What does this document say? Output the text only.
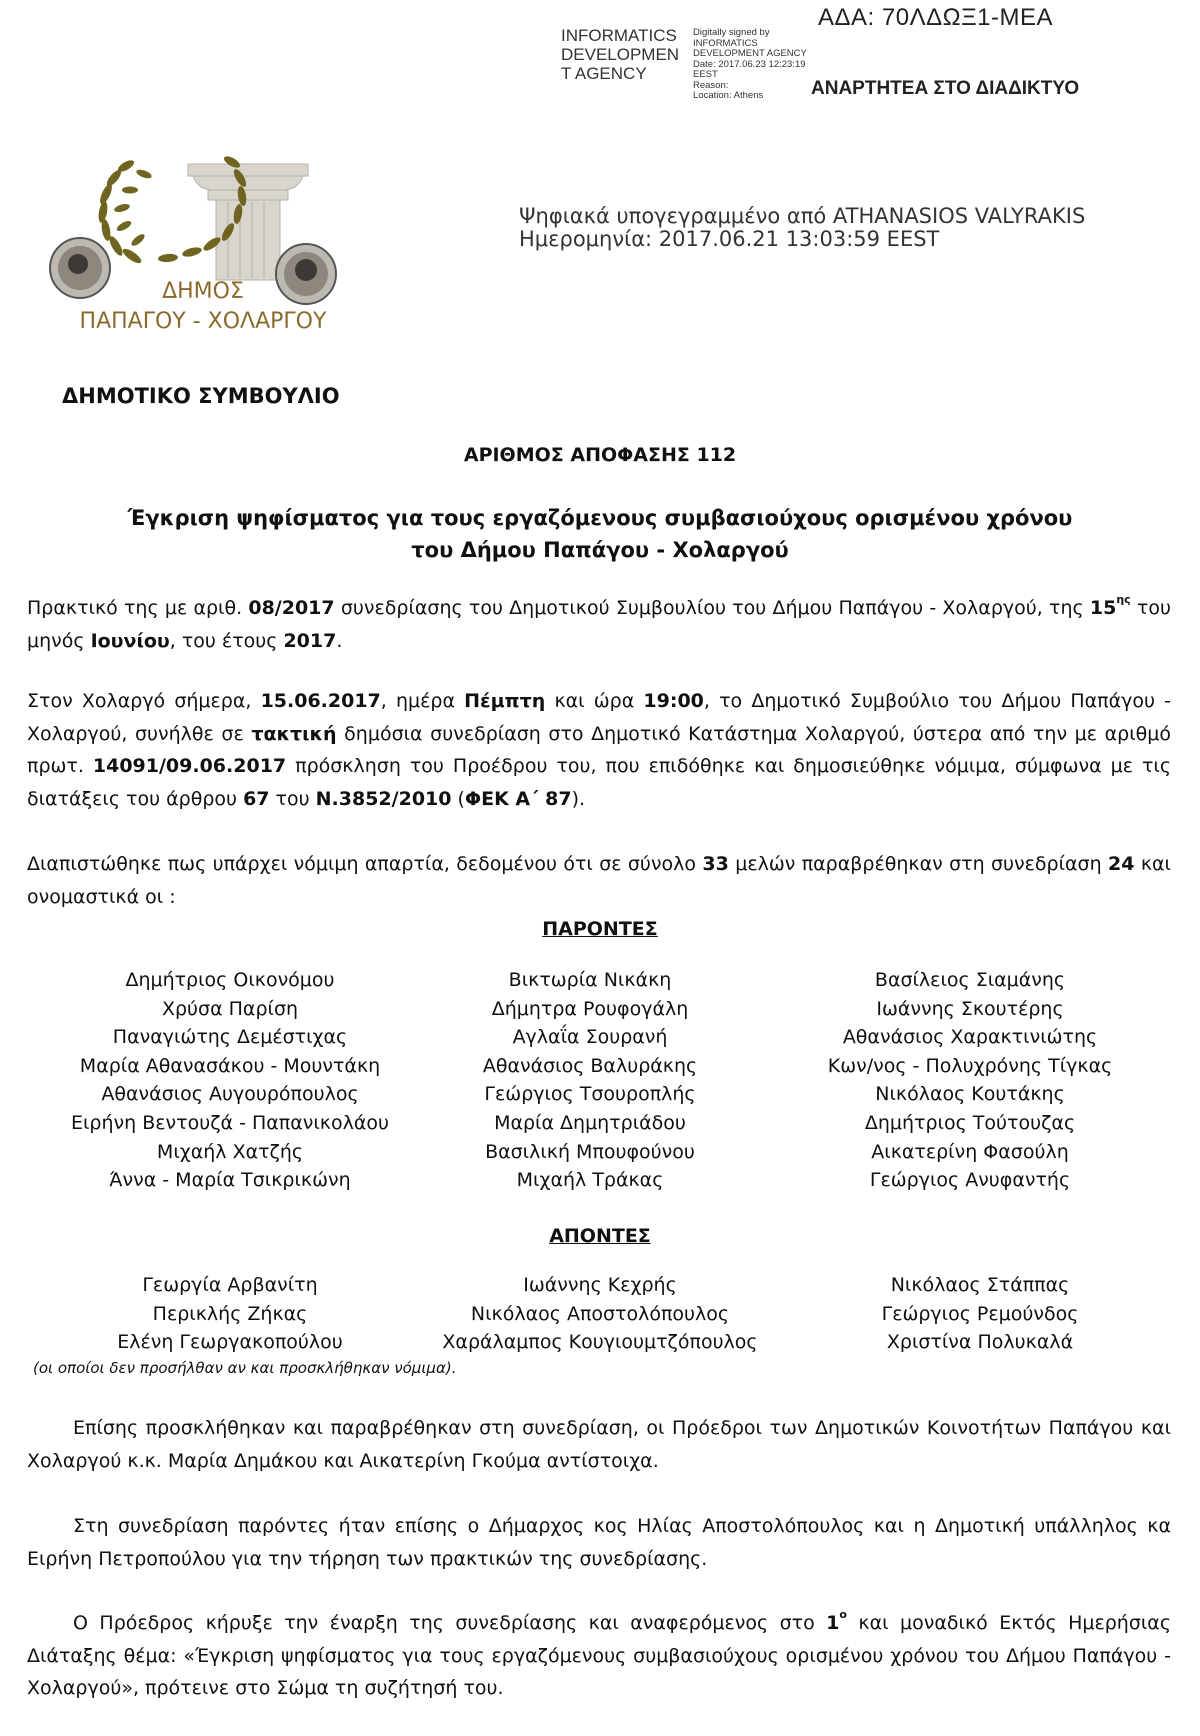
INFORMATICS
DEVELOPMEN
T AGENCY
Digitally signed by
INFORMATICS
DEVELOPMENT AGENCY
Date: 2017.06.23 12:23:19
EEST
Reason:
Location: Athens
ΑΔΑ: 70ΛΔΩΞ1-ΜΕΑ
ΑΝΑΡΤΗΤΕΑ ΣΤΟ ΔΙΑΔΙΚΤΥΟ
ΔΗΜΟΣ
ΠΑΠΑΓΟΥ - ΧΟΛΑΡΓΟΥ
Ψηφιακά υπογεγραμμένο από ATHANASIOS VALYRAKIS
Ημερομηνία: 2017.06.21 13:03:59 EEST
ΔΗΜΟΤΙΚΟ ΣΥΜΒΟΥΛΙΟ
ΑΡΙΘΜΟΣ ΑΠΟΦΑΣΗΣ 112
Έγκριση ψηφίσματος για τους εργαζόμενους συμβασιούχους ορισμένου χρόνου
του Δήμου Παπάγου - Χολαργού
Πρακτικό της με αριθ. 08/2017 συνεδρίασης του Δημοτικού Συμβουλίου του Δήμου Παπάγου - Χολαργού, της $15^{\eta\varsigma}$ του μηνός Ιουνίου, του έτους 2017.
Στον Χολαργό σήμερα, 15.06.2017, ημέρα Πέμπτη και ώρα 19:00, το Δημοτικό Συμβούλιο του Δήμου Παπάγου - Χολαργού, συνήλθε σε τακτική δημόσια συνεδρίαση στο Δημοτικό Κατάστημα Χολαργού, ύστερα από την με αριθμό πρωτ. 14091/09.06.2017 πρόσκληση του Προέδρου του, που επιδόθηκε και δημοσιεύθηκε νόμιμα, σύμφωνα με τις διατάξεις του άρθρου 67 του Ν.3852/2010 (ΦΕΚ Α΄ 87).
Διαπιστώθηκε πως υπάρχει νόμιμη απαρτία, δεδομένου ότι σε σύνολο 33 μελών παραβρέθηκαν στη συνεδρίαση 24 και ονομαστικά οι :
ΠΑΡΟΝΤΕΣ
Δημήτριος Οικονόμου
Χρύσα Παρίση
Παναγιώτης Δεμέστιχας
Μαρία Αθανασάκου - Μουντάκη
Αθανάσιος Αυγουρόπουλος
Ειρήνη Βεντουζά - Παπανικολάου
Μιχαήλ Χατζής
Άννα - Μαρία Τσικρικώνη
Βικτωρία Νικάκη
Δήμητρα Ρουφογάλη
Αγλαΐα Σουρανή
Αθανάσιος Βαλυράκης
Γεώργιος Τσουροπλής
Μαρία Δημητριάδου
Βασιλική Μπουφούνου
Μιχαήλ Τράκας
Βασίλειος Σιαμάνης
Ιωάννης Σκουτέρης
Αθανάσιος Χαρακτινιώτης
Κων/νος - Πολυχρόνης Τίγκας
Νικόλαος Κουτάκης
Δημήτριος Τούτουζας
Αικατερίνη Φασούλη
Γεώργιος Ανυφαντής
ΑΠΟΝΤΕΣ
Γεωργία Αρβανίτη
Περικλής Ζήκας
Ελένη Γεωργακοπούλου
Ιωάννης Κεχρής
Νικόλαος Αποστολόπουλος
Χαράλαμπος Κουγιουμτζόπουλος
Νικόλαος Στάππας
Γεώργιος Ρεμούνδος
Χριστίνα Πολυκαλά
(οι οποίοι δεν προσήλθαν αν και προσκλήθηκαν νόμιμα).
Επίσης προσκλήθηκαν και παραβρέθηκαν στη συνεδρίαση, οι Πρόεδροι των Δημοτικών Κοινοτήτων Παπάγου και Χολαργού κ.κ. Μαρία Δημάκου και Αικατερίνη Γκούμα αντίστοιχα.
Στη συνεδρίαση παρόντες ήταν επίσης ο Δήμαρχος κος Ηλίας Αποστολόπουλος και η Δημοτική υπάλληλος κα Ειρήνη Πετροπούλου για την τήρηση των πρακτικών της συνεδρίασης.
Ο Πρόεδρος κήρυξε την έναρξη της συνεδρίασης και αναφερόμενος στο $1^o$ και μοναδικό Εκτός Ημερήσιας Διάταξης θέμα: «Έγκριση ψηφίσματος για τους εργαζόμενους συμβασιούχους ορισμένου χρόνου του Δήμου Παπάγου - Χολαργού», πρότεινε στο Σώμα τη συζήτησή του.
